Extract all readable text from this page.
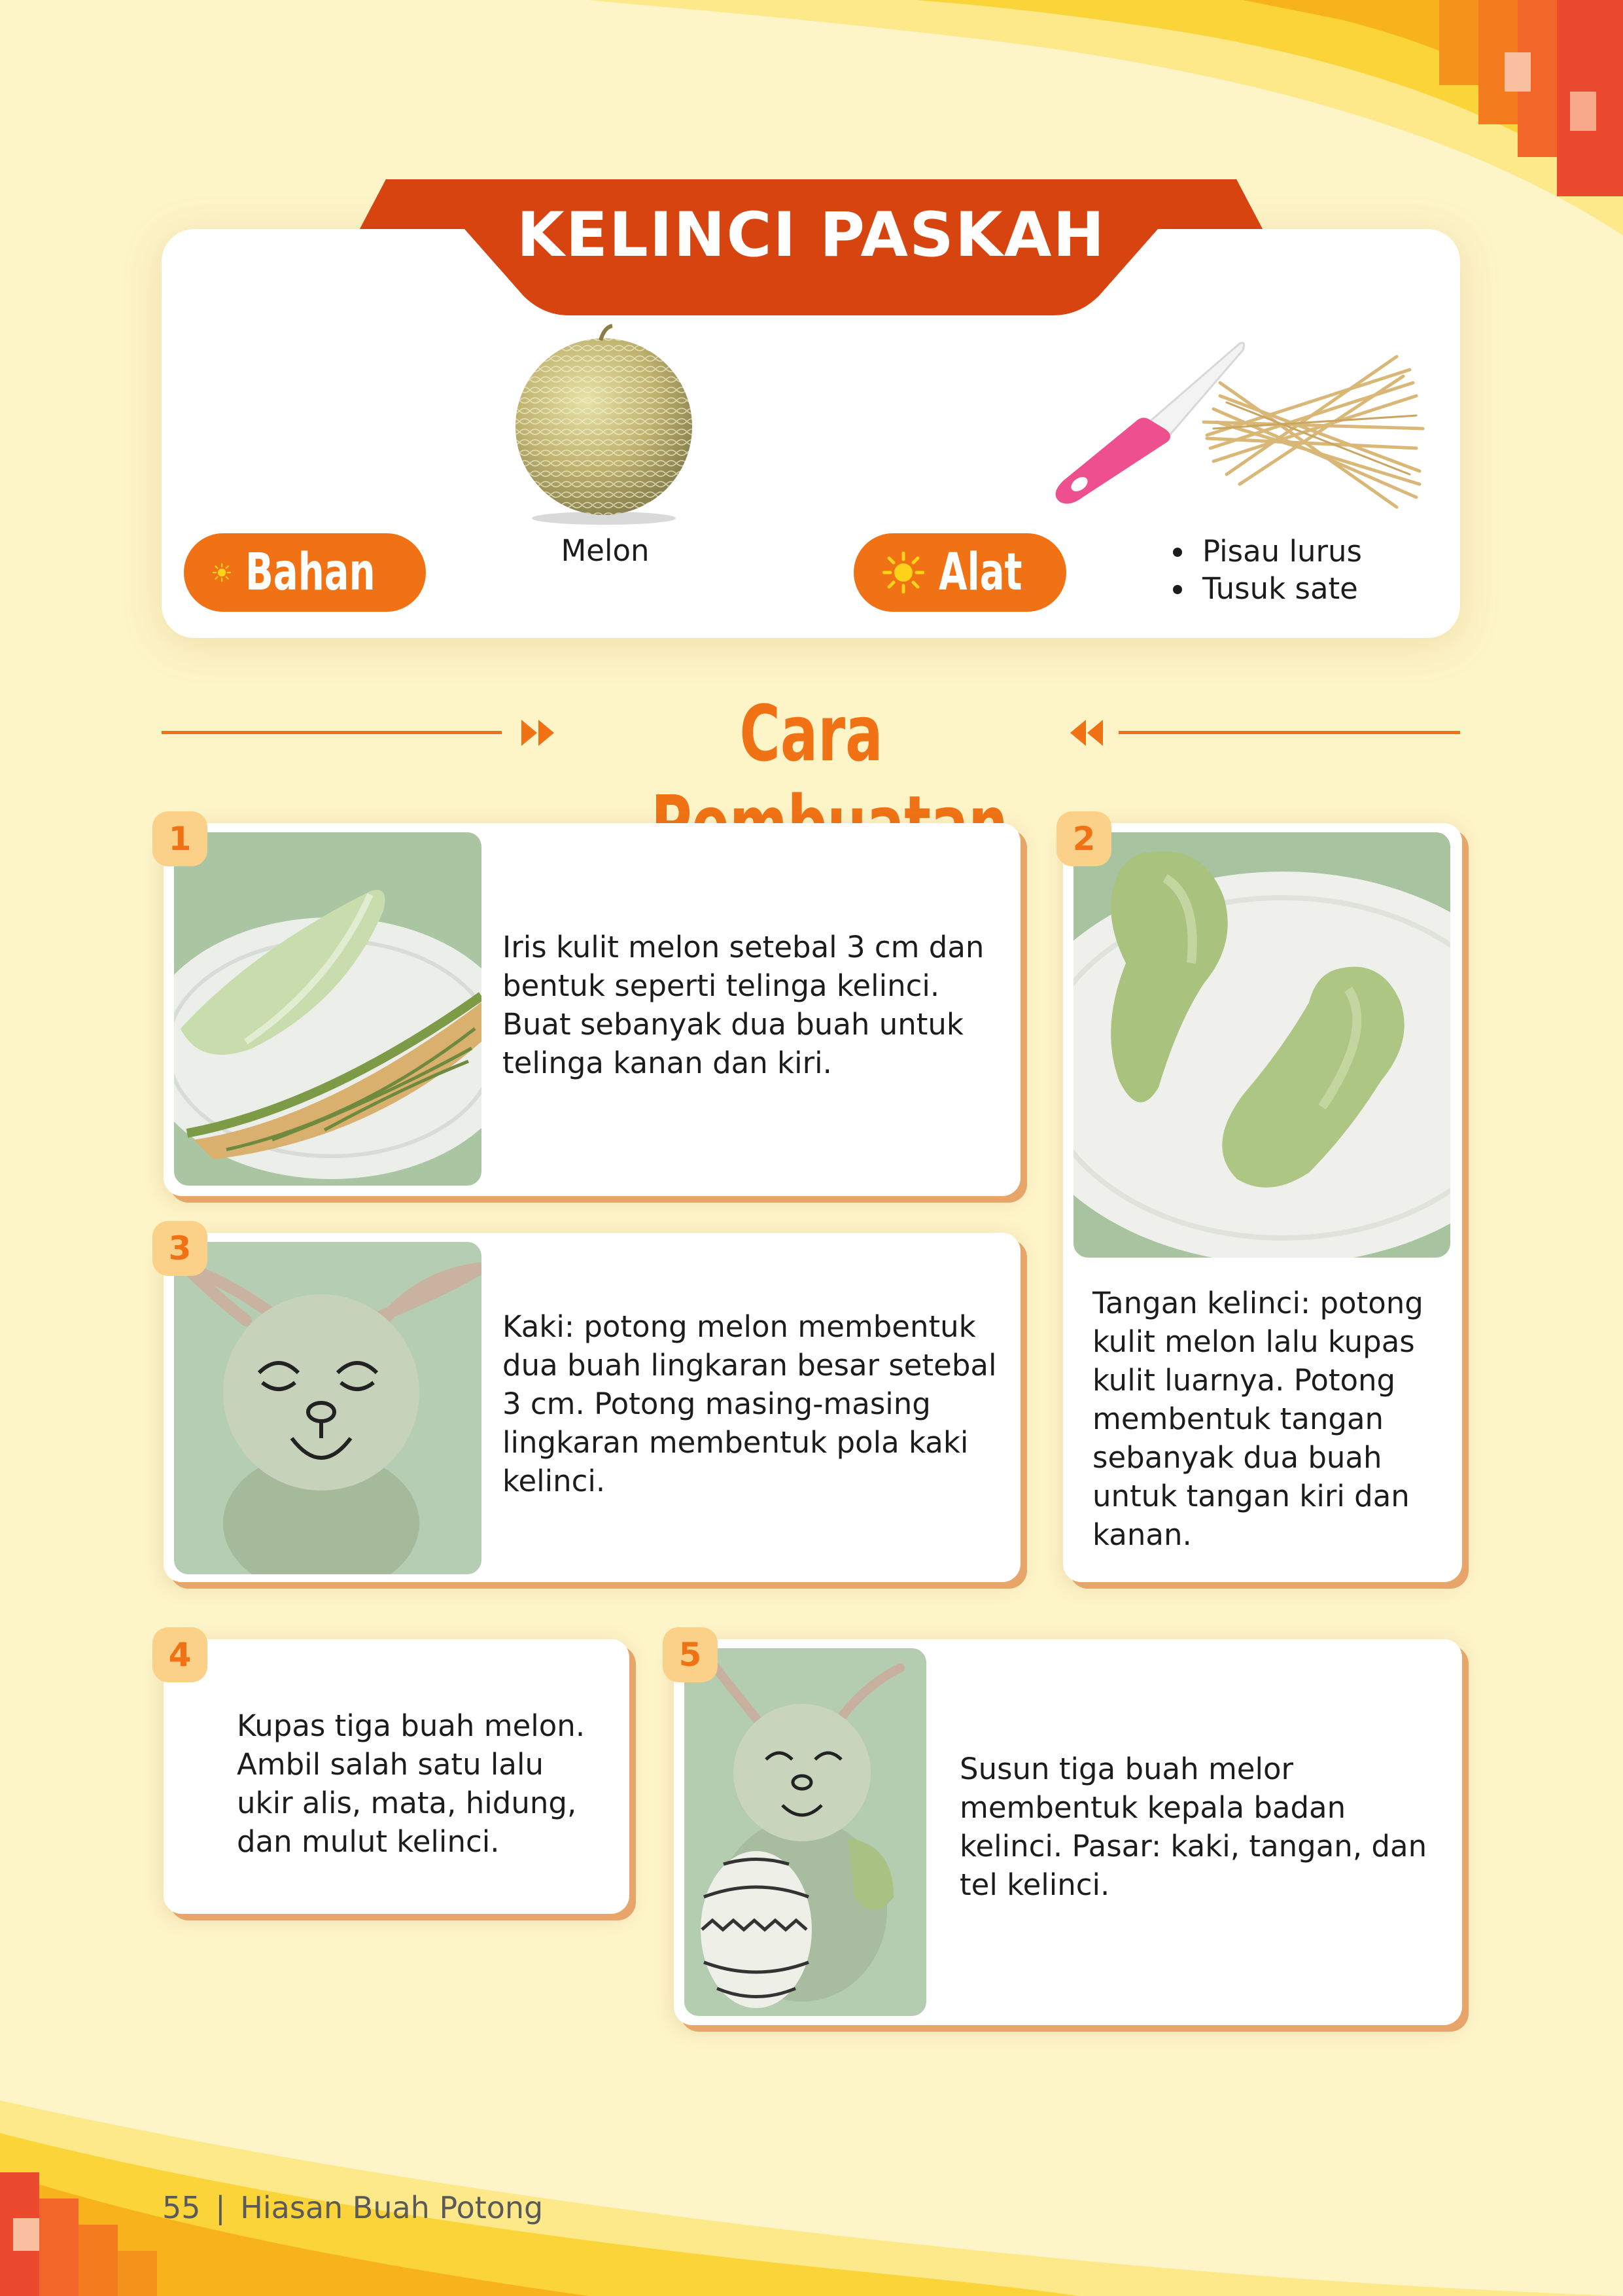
KELINCI PASKAH
Bahan	Melon	Alat
•	Pisau lurus
• Tusuk sate
Cara
1
Iris kulit melon setebal 3 cm dan bentuk seperti telinga kelinci. Buat sebanyak dua buah untuk telinga kanan dan kiri.
2
Tangan kelinci: potong kulit melon lalu kupas kulit luarnya. Potong membentuk tangan sebanyak dua buah untuk tangan kiri dan kanan.
3
Kaki: potong melon membentuk dua buah lingkaran besar setebal 3 cm. Potong masing-masing lingkaran membentuk pola kaki kelinci.
4
Kupas tiga buah melon. Ambil salah satu lalu ukir alis, mata, hidung, dan mulut kelinci.
5
Susun tiga buah melor membentuk kepala badan kelinci. Pasar: kaki, tangan, dan tel kelinci.
55 | Hiasan Buah Potong
